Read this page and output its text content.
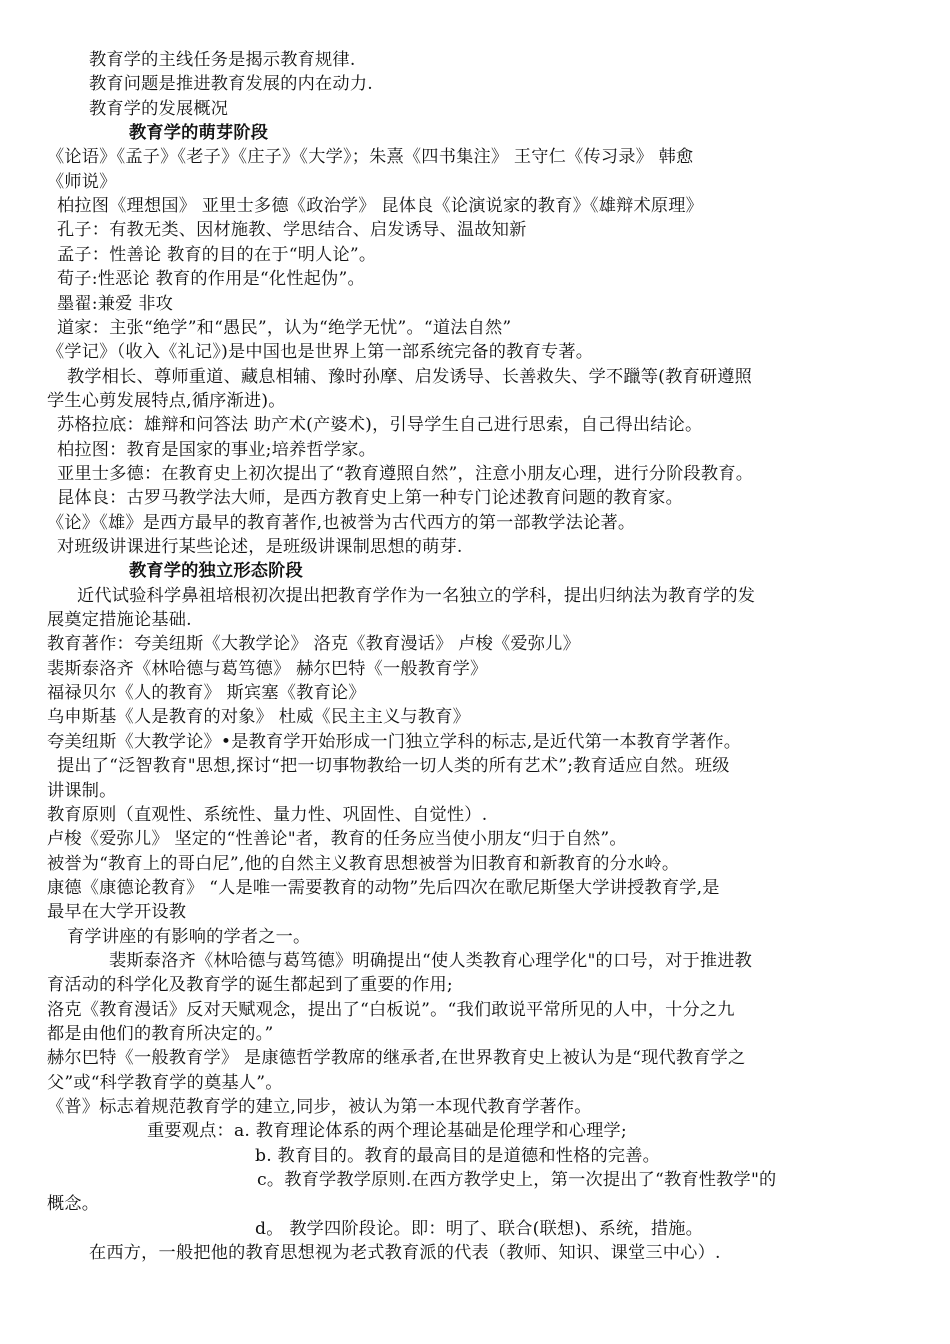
教育学的主线任务是揭示教育规律.
教育问题是推进教育发展的内在动力.
教育学的发展概况
教育学的萌芽阶段
《论语》《孟子》《老子》《庄子》《大学》；朱熹《四书集注》 王守仁《传习录》 韩愈
《师说》
柏拉图《理想国》 亚里士多德《政治学》 昆体良《论演说家的教育》《雄辩术原理》
孔子：有教无类、因材施教、学思结合、启发诱导、温故知新
孟子：性善论 教育的目的在于“明人论”。
荀子:性恶论 教育的作用是“化性起伪”。
墨翟:兼爱 非攻
道家：主张“绝学”和“愚民”，认为“绝学无忧”。“道法自然”
《学记》（收入《礼记》)是中国也是世界上第一部系统完备的教育专著。
教学相长、尊师重道、藏息相辅、豫时孙摩、启发诱导、长善救失、学不躐等(教育研遵照
学生心剪发展特点,循序渐进)。
苏格拉底：雄辩和问答法 助产术(产婆术)，引导学生自己进行思索，自己得出结论。
柏拉图：教育是国家的事业;培养哲学家。
亚里士多德：在教育史上初次提出了“教育遵照自然”，注意小朋友心理，进行分阶段教育。
昆体良：古罗马教学法大师，是西方教育史上第一种专门论述教育问题的教育家。
《论》《雄》是西方最早的教育著作,也被誉为古代西方的第一部教学法论著。
对班级讲课进行某些论述，是班级讲课制思想的萌芽.
教育学的独立形态阶段
近代试验科学鼻祖培根初次提出把教育学作为一名独立的学科，提出归纳法为教育学的发
展奠定措施论基础.
教育著作：夸美纽斯《大教学论》 洛克《教育漫话》 卢梭《爱弥儿》
裴斯泰洛齐《林哈德与葛笃德》 赫尔巴特《一般教育学》
福禄贝尔《人的教育》 斯宾塞《教育论》
乌申斯基《人是教育的对象》 杜威《民主主义与教育》
夸美纽斯《大教学论》•是教育学开始形成一门独立学科的标志,是近代第一本教育学著作。
提出了“泛智教育"思想,探讨“把一切事物教给一切人类的所有艺术”;教育适应自然。班级
讲课制。
教育原则（直观性、系统性、量力性、巩固性、自觉性）.
卢梭《爱弥儿》 坚定的“性善论"者，教育的任务应当使小朋友“归于自然”。
被誉为“教育上的哥白尼”,他的自然主义教育思想被誉为旧教育和新教育的分水岭。
康德《康德论教育》 “人是唯一需要教育的动物”先后四次在歌尼斯堡大学讲授教育学,是
最早在大学开设教
育学讲座的有影响的学者之一。
裴斯泰洛齐《林哈德与葛笃德》明确提出“使人类教育心理学化"的口号，对于推进教
育活动的科学化及教育学的诞生都起到了重要的作用;
洛克《教育漫话》反对天赋观念，提出了“白板说”。“我们敢说平常所见的人中，十分之九
都是由他们的教育所决定的。”
赫尔巴特《一般教育学》 是康德哲学教席的继承者,在世界教育史上被认为是“现代教育学之
父”或“科学教育学的奠基人”。
《普》标志着规范教育学的建立,同步，被认为第一本现代教育学著作。
重要观点：a. 教育理论体系的两个理论基础是伦理学和心理学;
b. 教育目的。教育的最高目的是道德和性格的完善。
c。教育学教学原则.在西方教学史上，第一次提出了“教育性教学"的
概念。
d。 教学四阶段论。即：明了、联合(联想)、系统，措施。
在西方，一般把他的教育思想视为老式教育派的代表（教师、知识、课堂三中心）.
